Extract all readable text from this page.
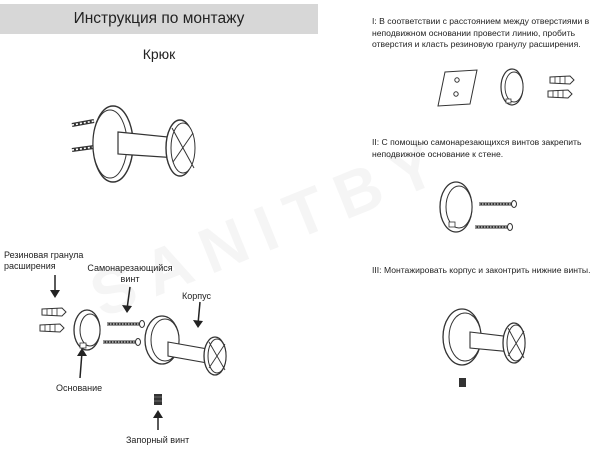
Инструкция по монтажу
Крюк
Резиновая гранула
расширения	Самонарезающийся
винт
Корпус
Основание
Запорный винт
I: В соответствии с расстоянием между отверстиями в неподвижном основании провести линию, пробить отверстия и класть резиновую гранулу расширения.
II: С помощью самонарезающихся винтов закрепить неподвижное основание к стене.
III: Монтажировать корпус и законтрить нижние винты.
